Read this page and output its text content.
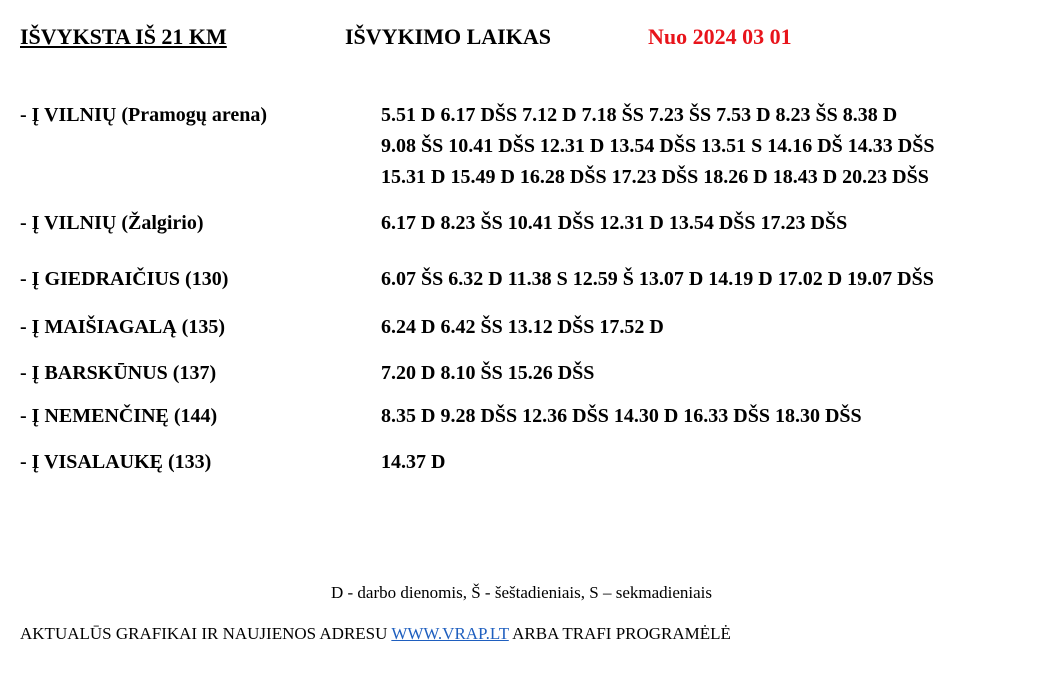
IŠVYKSTA IŠ 21 KM	IŠVYKIMO LAIKAS	Nuo 2024 03 01
- Į VILNIŲ (Pramogų arena)	5.51 D 6.17 DŠS 7.12 D 7.18 ŠS 7.23 ŠS 7.53 D 8.23 ŠS 8.38 D
9.08 ŠS 10.41 DŠS 12.31 D 13.54 DŠS 13.51 S 14.16 DŠ 14.33 DŠS
15.31 D 15.49 D 16.28 DŠS 17.23 DŠS 18.26 D 18.43 D 20.23 DŠS
- Į VILNIŲ (Žalgirio)	6.17 D 8.23 ŠS 10.41 DŠS 12.31 D 13.54 DŠS 17.23 DŠS
- Į GIEDRAIČIUS (130)	6.07 ŠS 6.32 D 11.38 S 12.59 Š 13.07 D 14.19 D 17.02 D 19.07 DŠS
- Į MAIŠIAGALĄ (135)	6.24 D 6.42 ŠS 13.12 DŠS 17.52 D
- Į BARSKŪNUS (137)	7.20 D 8.10 ŠS 15.26 DŠS
- Į NEMENČINĘ (144)	8.35 D 9.28 DŠS 12.36 DŠS 14.30 D 16.33 DŠS 18.30 DŠS
- Į VISALAUKĘ (133)	14.37 D
D - darbo dienomis, Š - šeštadieniais, S – sekmadieniais
AKTUALŪS GRAFIKAI IR NAUJIENOS ADRESU WWW.VRAP.LT ARBA TRAFI PROGRAMĖLĖ
